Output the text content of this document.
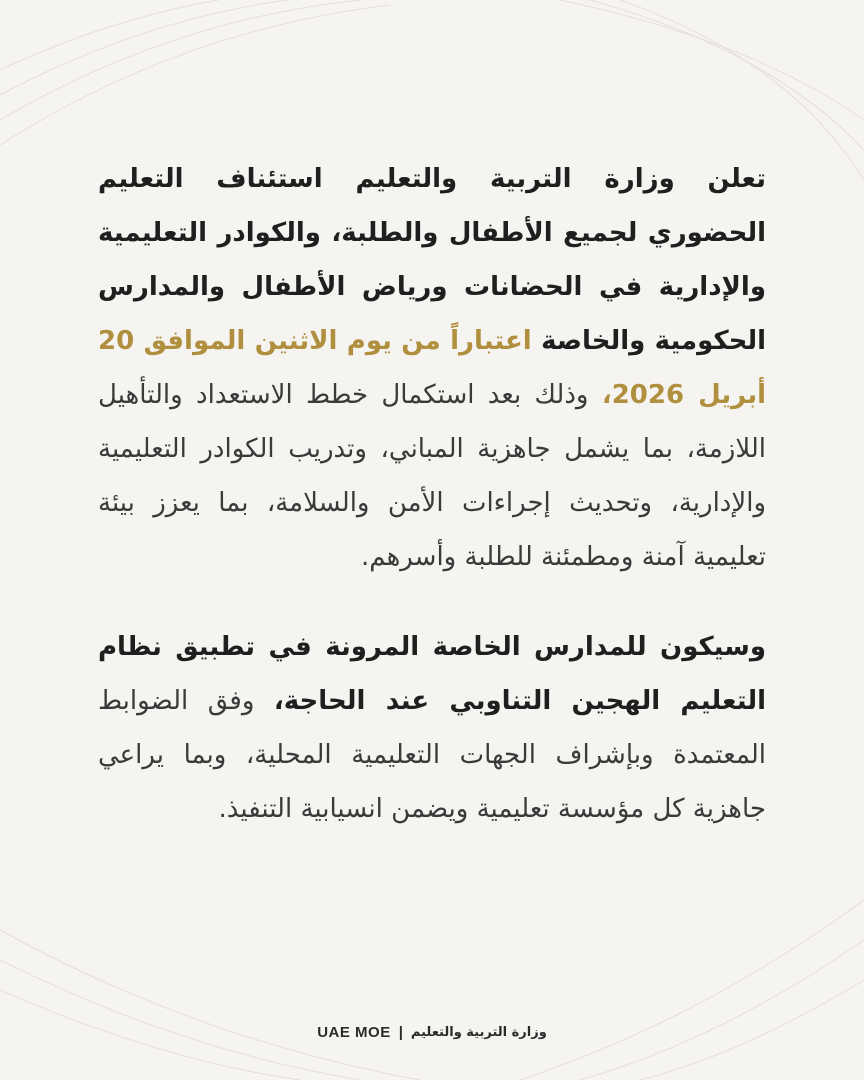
تعلن وزارة التربية والتعليم استئناف التعليم الحضوري لجميع الأطفال والطلبة، والكوادر التعليمية والإدارية في الحضانات ورياض الأطفال والمدارس الحكومية والخاصة اعتباراً من يوم الاثنين الموافق 20 أبريل 2026، وذلك بعد استكمال خطط الاستعداد والتأهيل اللازمة، بما يشمل جاهزية المباني، وتدريب الكوادر التعليمية والإدارية، وتحديث إجراءات الأمن والسلامة، بما يعزز بيئة تعليمية آمنة ومطمئنة للطلبة وأسرهم.

وسيكون للمدارس الخاصة المرونة في تطبيق نظام التعليم الهجين التناوبي عند الحاجة، وفق الضوابط المعتمدة وبإشراف الجهات التعليمية المحلية، وبما يراعي جاهزية كل مؤسسة تعليمية ويضمن انسيابية التنفيذ.

UAE MOE | وزارة التربية والتعليم
